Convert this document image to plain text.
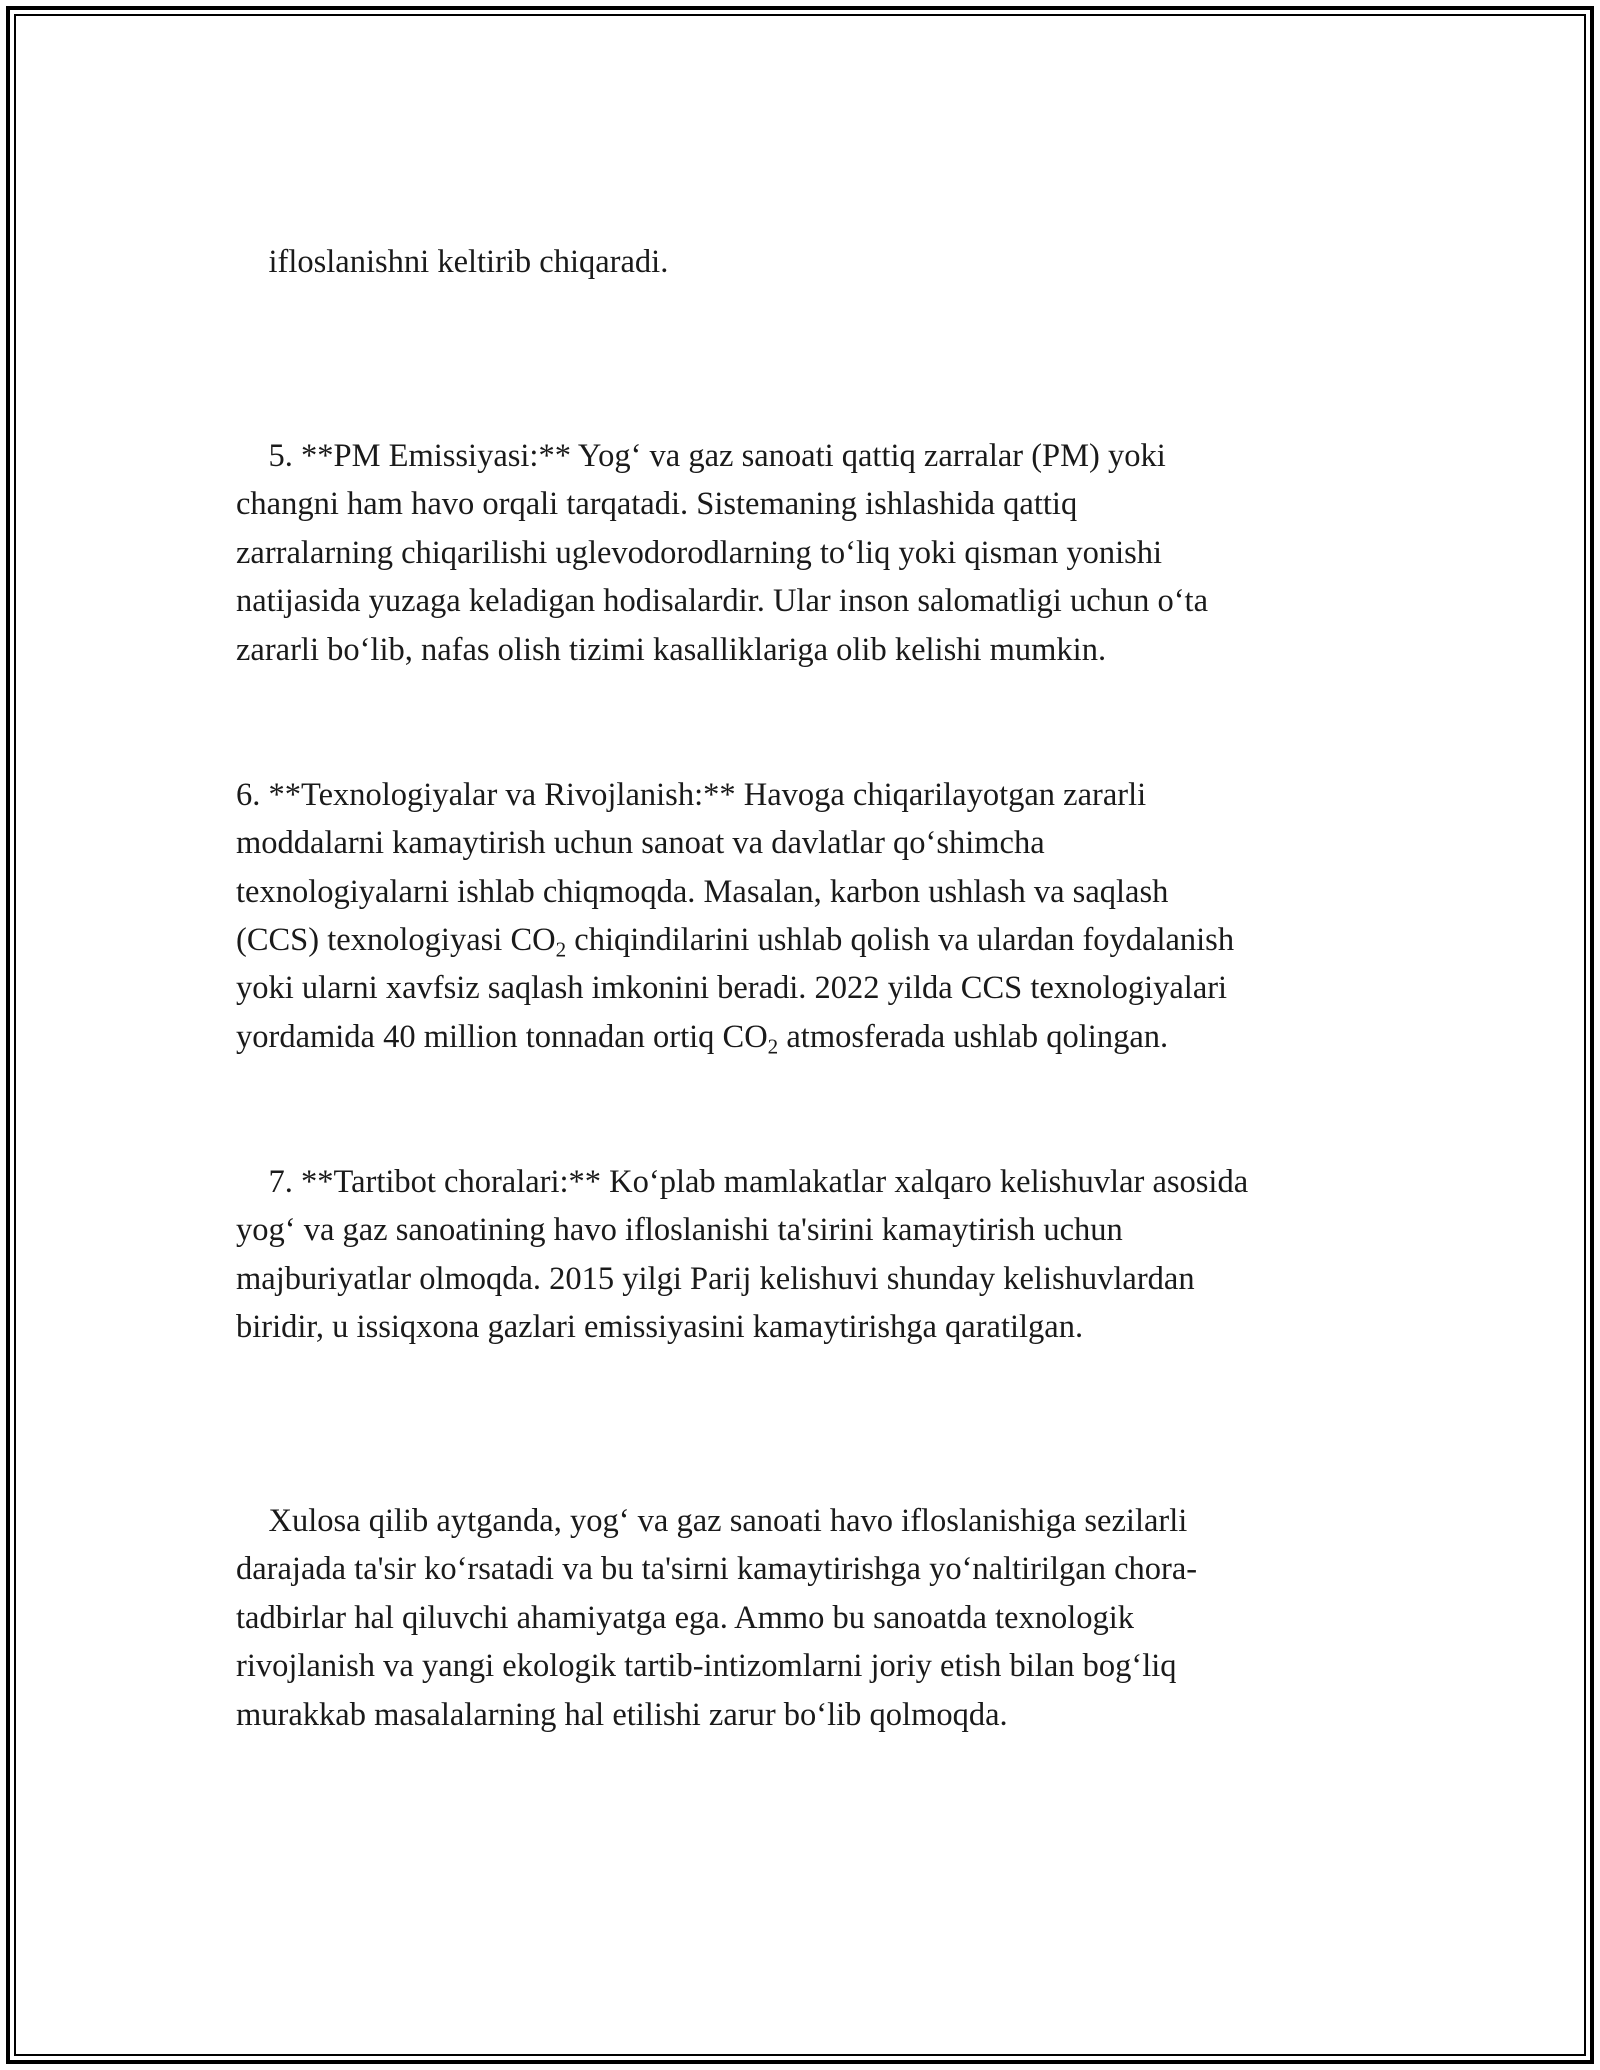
ifloslanishni keltirib chiqaradi.

5. **PM Emissiyasi:** Yog‘ va gaz sanoati qattiq zarralar (PM) yoki
changni ham havo orqali tarqatadi. Sistemaning ishlashida qattiq
zarralarning chiqarilishi uglevodorodlarning to‘liq yoki qisman yonishi
natijasida yuzaga keladigan hodisalardir. Ular inson salomatligi uchun o‘ta
zararli bo‘lib, nafas olish tizimi kasalliklariga olib kelishi mumkin.

6. **Texnologiyalar va Rivojlanish:** Havoga chiqarilayotgan zararli
moddalarni kamaytirish uchun sanoat va davlatlar qo‘shimcha
texnologiyalarni ishlab chiqmoqda. Masalan, karbon ushlash va saqlash
(CCS) texnologiyasi $CO_2$ chiqindilarini ushlab qolish va ulardan foydalanish
yoki ularni xavfsiz saqlash imkonini beradi. 2022 yilda CCS texnologiyalari
yordamida 40 million tonnadan ortiq $CO_2$ atmosferada ushlab qolingan.

7. **Tartibot choralari:** Ko‘plab mamlakatlar xalqaro kelishuvlar asosida
yog‘ va gaz sanoatining havo ifloslanishi ta'sirini kamaytirish uchun
majburiyatlar olmoqda. 2015 yilgi Parij kelishuvi shunday kelishuvlardan
biridir, u issiqxona gazlari emissiyasini kamaytirishga qaratilgan.

Xulosa qilib aytganda, yog‘ va gaz sanoati havo ifloslanishiga sezilarli
darajada ta'sir ko‘rsatadi va bu ta'sirni kamaytirishga yo‘naltirilgan chora-
tadbirlar hal qiluvchi ahamiyatga ega. Ammo bu sanoatda texnologik
rivojlanish va yangi ekologik tartib-intizomlarni joriy etish bilan bog‘liq
murakkab masalalarning hal etilishi zarur bo‘lib qolmoqda.
